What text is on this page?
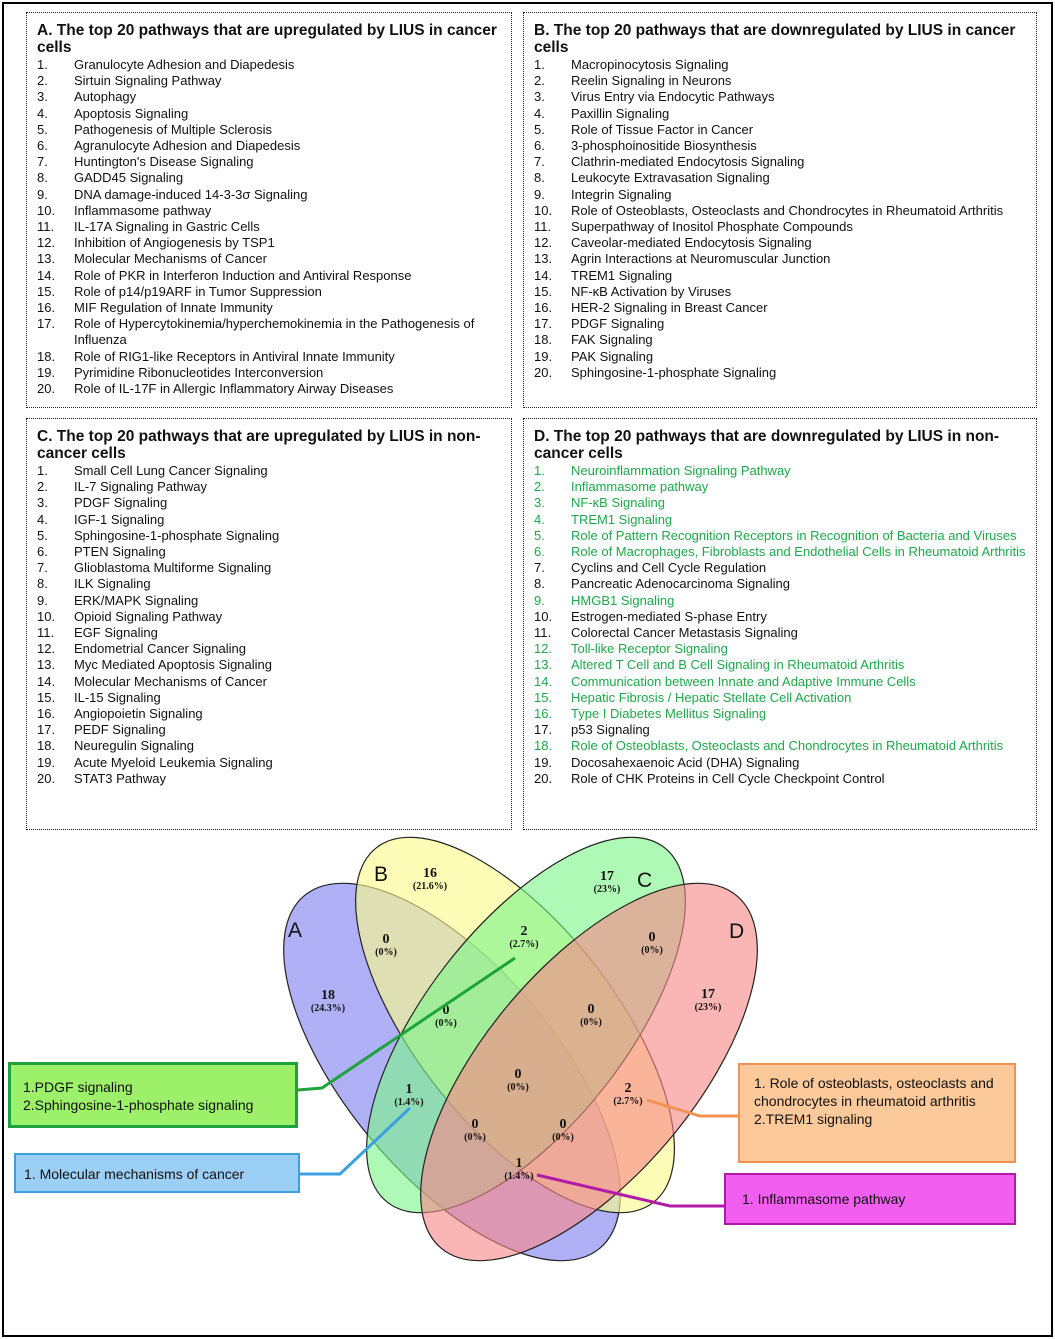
A. The top 20 pathways that are upregulated by LIUS in cancer cells
1. Granulocyte Adhesion and Diapedesis
2. Sirtuin Signaling Pathway
3. Autophagy
4. Apoptosis Signaling
5. Pathogenesis of Multiple Sclerosis
6. Agranulocyte Adhesion and Diapedesis
7. Huntington's Disease Signaling
8. GADD45 Signaling
9. DNA damage-induced 14-3-3σ Signaling
10. Inflammasome pathway
11. IL-17A Signaling in Gastric Cells
12. Inhibition of Angiogenesis by TSP1
13. Molecular Mechanisms of Cancer
14. Role of PKR in Interferon Induction and Antiviral Response
15. Role of p14/p19ARF in Tumor Suppression
16. MIF Regulation of Innate Immunity
17. Role of Hypercytokinemia/hyperchemokinemia in the Pathogenesis of Influenza
18. Role of RIG1-like Receptors in Antiviral Innate Immunity
19. Pyrimidine Ribonucleotides Interconversion
20. Role of IL-17F in Allergic Inflammatory Airway Diseases
B. The top 20 pathways that are downregulated by LIUS in cancer cells
1. Macropinocytosis Signaling
2. Reelin Signaling in Neurons
3. Virus Entry via Endocytic Pathways
4. Paxillin Signaling
5. Role of Tissue Factor in Cancer
6. 3-phosphoinositide Biosynthesis
7. Clathrin-mediated Endocytosis Signaling
8. Leukocyte Extravasation Signaling
9. Integrin Signaling
10. Role of Osteoblasts, Osteoclasts and Chondrocytes in Rheumatoid Arthritis
11. Superpathway of Inositol Phosphate Compounds
12. Caveolar-mediated Endocytosis Signaling
13. Agrin Interactions at Neuromuscular Junction
14. TREM1 Signaling
15. NF-κB Activation by Viruses
16. HER-2 Signaling in Breast Cancer
17. PDGF Signaling
18. FAK Signaling
19. PAK Signaling
20. Sphingosine-1-phosphate Signaling
C. The top 20 pathways that are upregulated by LIUS in non-cancer cells
1. Small Cell Lung Cancer Signaling
2. IL-7 Signaling Pathway
3. PDGF Signaling
4. IGF-1 Signaling
5. Sphingosine-1-phosphate Signaling
6. PTEN Signaling
7. Glioblastoma Multiforme Signaling
8. ILK Signaling
9. ERK/MAPK Signaling
10. Opioid Signaling Pathway
11. EGF Signaling
12. Endometrial Cancer Signaling
13. Myc Mediated Apoptosis Signaling
14. Molecular Mechanisms of Cancer
15. IL-15 Signaling
16. Angiopoietin Signaling
17. PEDF Signaling
18. Neuregulin Signaling
19. Acute Myeloid Leukemia Signaling
20. STAT3 Pathway
D. The top 20 pathways that are downregulated by LIUS in non-cancer cells
1. Neuroinflammation Signaling Pathway
2. Inflammasome pathway
3. NF-κB Signaling
4. TREM1 Signaling
5. Role of Pattern Recognition Receptors in Recognition of Bacteria and Viruses
6. Role of Macrophages, Fibroblasts and Endothelial Cells in Rheumatoid Arthritis
7. Cyclins and Cell Cycle Regulation
8. Pancreatic Adenocarcinoma Signaling
9. HMGB1 Signaling
10. Estrogen-mediated S-phase Entry
11. Colorectal Cancer Metastasis Signaling
12. Toll-like Receptor Signaling
13. Altered T Cell and B Cell Signaling in Rheumatoid Arthritis
14. Communication between Innate and Adaptive Immune Cells
15. Hepatic Fibrosis / Hepatic Stellate Cell Activation
16. Type I Diabetes Mellitus Signaling
17. p53 Signaling
18. Role of Osteoblasts, Osteoclasts and Chondrocytes in Rheumatoid Arthritis
19. Docosahexaenoic Acid (DHA) Signaling
20. Role of CHK Proteins in Cell Cycle Checkpoint Control
A
B	C
D
18
(24.3%)
16
(21.6%)
17
(23%)
17
(23%)
0
(0%)
2
(2.7%)	0
(0%)
0
(0%)
0
(0%)
0
(0%)
1
(1.4%)
2
(2.7%)
0
(0%)
0
(0%)
1
(1.4%)
1.PDGF signaling
2.Sphingosine-1-phosphate signaling
1. Molecular mechanisms of cancer
1. Role of osteoblasts, osteoclasts and chondrocytes in rheumatoid arthritis
2.TREM1 signaling
1. Inflammasome pathway
